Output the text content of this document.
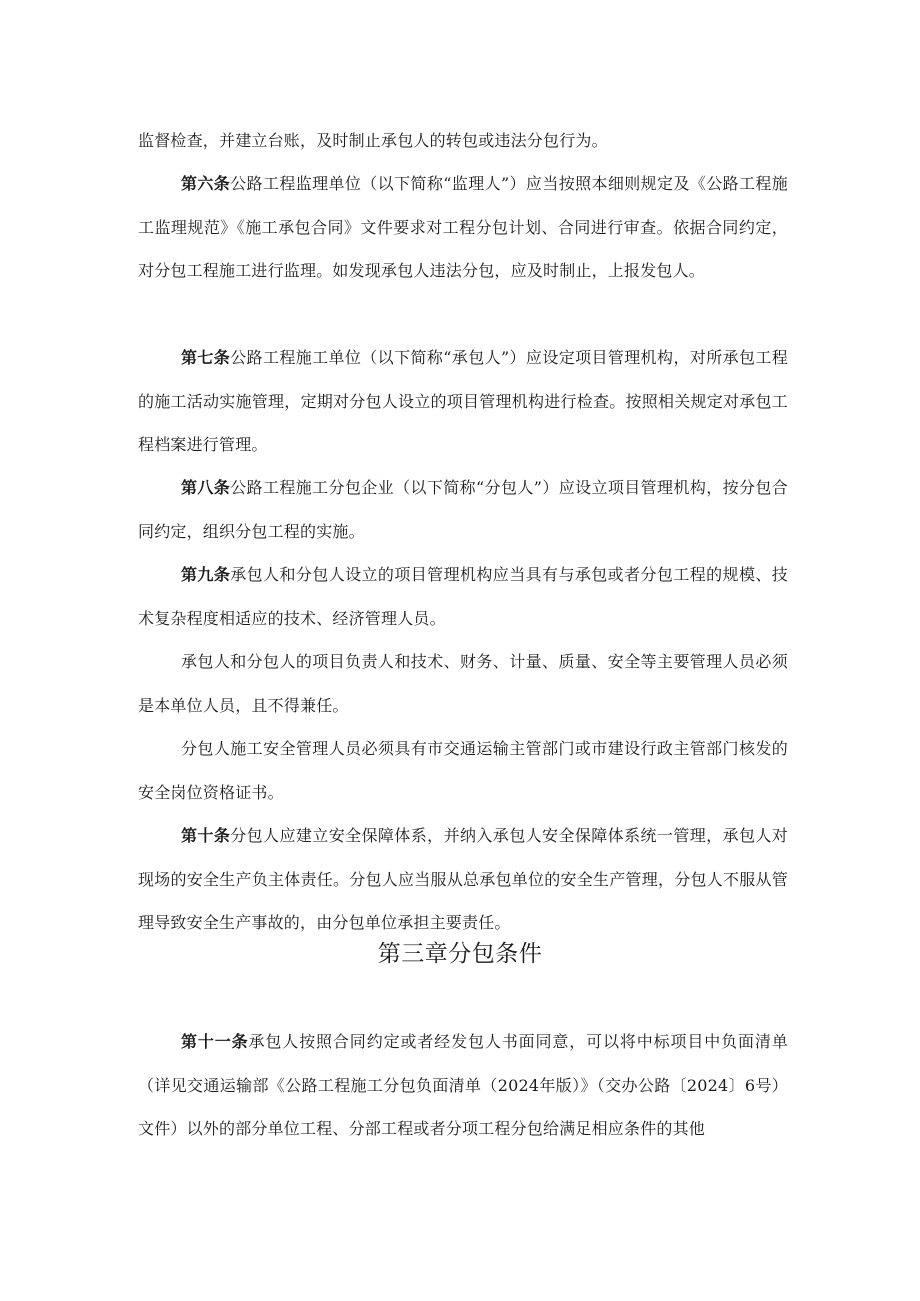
监督检查，并建立台账，及时制止承包人的转包或违法分包行为。

第六条公路工程监理单位（以下简称“监理人”）应当按照本细则规定及《公路工程施工监理规范》《施工承包合同》文件要求对工程分包计划、合同进行审查。依据合同约定，对分包工程施工进行监理。如发现承包人违法分包，应及时制止，上报发包人。

第七条公路工程施工单位（以下简称“承包人”）应设定项目管理机构，对所承包工程的施工活动实施管理，定期对分包人设立的项目管理机构进行检查。按照相关规定对承包工程档案进行管理。

第八条公路工程施工分包企业（以下简称“分包人”）应设立项目管理机构，按分包合同约定，组织分包工程的实施。

第九条承包人和分包人设立的项目管理机构应当具有与承包或者分包工程的规模、技术复杂程度相适应的技术、经济管理人员。

承包人和分包人的项目负责人和技术、财务、计量、质量、安全等主要管理人员必须是本单位人员，且不得兼任。

分包人施工安全管理人员必须具有市交通运输主管部门或市建设行政主管部门核发的安全岗位资格证书。

第十条分包人应建立安全保障体系，并纳入承包人安全保障体系统一管理，承包人对现场的安全生产负主体责任。分包人应当服从总承包单位的安全生产管理，分包人不服从管理导致安全生产事故的，由分包单位承担主要责任。

第三章分包条件

第十一条承包人按照合同约定或者经发包人书面同意，可以将中标项目中负面清单（详见交通运输部《公路工程施工分包负面清单（2024年版）》（交办公路〔2024〕6号）文件）以外的部分单位工程、分部工程或者分项工程分包给满足相应条件的其他
